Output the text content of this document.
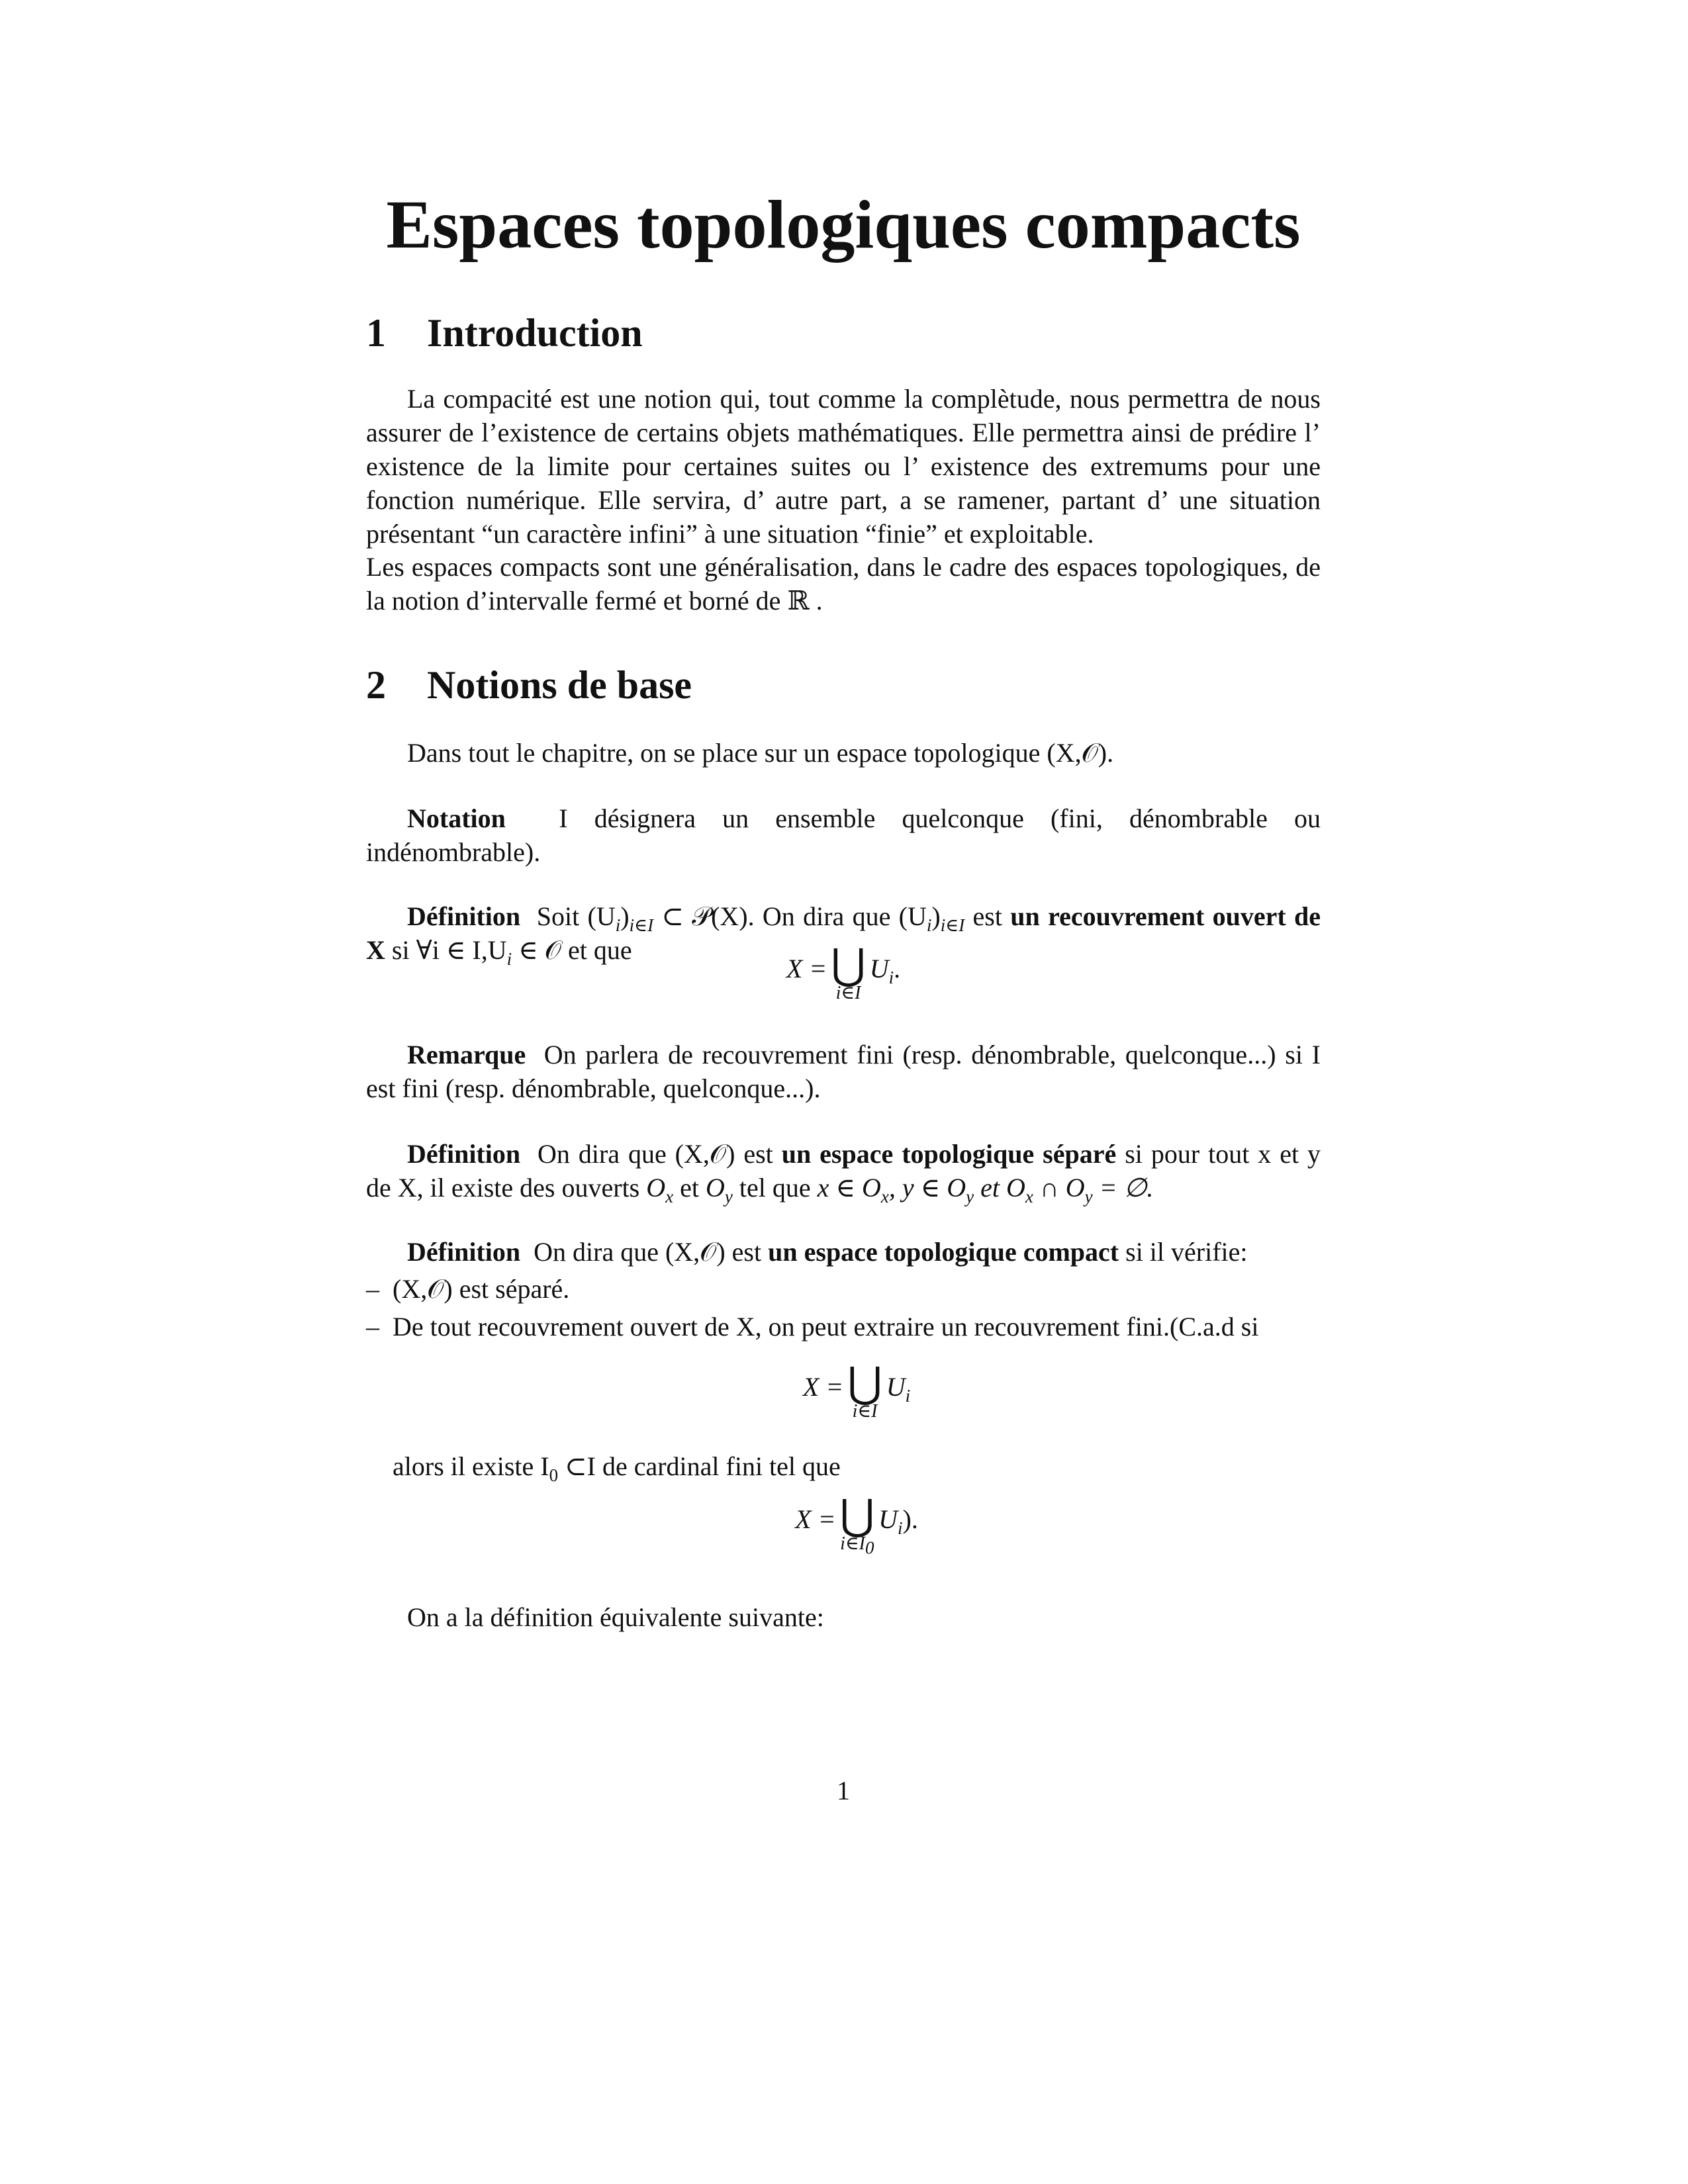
Espaces topologiques compacts
1 Introduction

La compacité est une notion qui, tout comme la complètude, nous permettra de nous assurer de l’existence de certains objets mathématiques. Elle permettra ainsi de prédire l’ existence de la limite pour certaines suites ou l’ existence des extremums pour une fonction numérique. Elle servira, d’ autre part, a se ramener, partant d’ une situation présentant “un caractère infini” à une situation “finie” et exploitable.

Les espaces compacts sont une généralisation, dans le cadre des espaces topologiques, de la notion d’intervalle fermé et borné de ℝ .

2 Notions de base

Dans tout le chapitre, on se place sur un espace topologique (X,𝒪).

Notation I désignera un ensemble quelconque (fini, dénombrable ou indénombrable).

Définition Soit $(U_i)_{i\in I}$ ⊂ 𝒫(X). On dira que $(U_i)_{i\in I}$ est un recouvrement ouvert de X si ∀i ∈ $I,U_i$ ∈ 𝒪 et que

X = ⋃
i∈I
$U_i$.

Remarque On parlera de recouvrement fini (resp. dénombrable, quelconque...) si I est fini (resp. dénombrable, quelconque...).

Définition On dira que (X,𝒪) est un espace topologique séparé si pour tout x et y de X, il existe des ouverts $O_x$ et $O_y$ tel que x ∈ $O_x$, y ∈ $O_y$ et $O_x$ ∩ $O_y$ = ∅.

Définition On dira que (X,𝒪) est un espace topologique compact si il vérifie:

– (X,𝒪) est séparé.
– De tout recouvrement ouvert de X, on peut extraire un recouvrement fini.(C.a.d si
X = ⋃
i∈I
$U_i$

alors il existe $I_0$ ⊂I de cardinal fini tel que

X = ⋃
$i\in I_0$
$U_i$).

On a la définition équivalente suivante:

1
